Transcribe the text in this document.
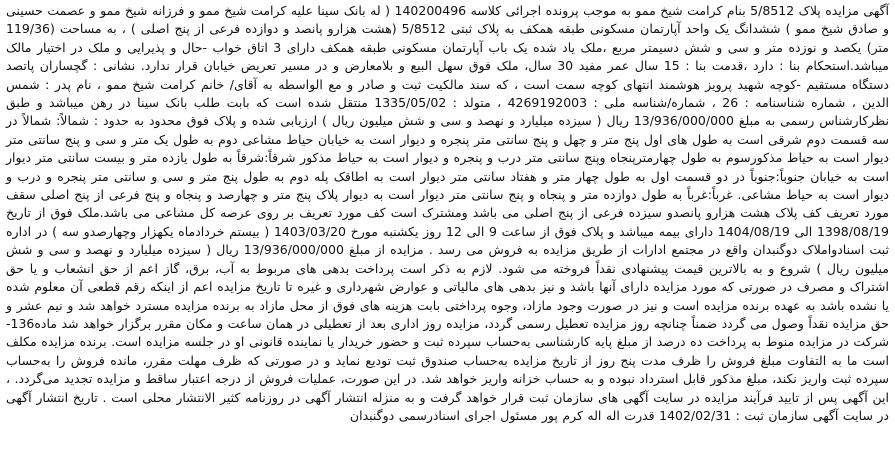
آگهی مزایده پلاک 5/8512 بنام کرامت شیخ ممو به موجب پرونده اجرائی کلاسه 140200496 ( له بانک سینا علیه کرامت شیخ ممو و فرزانه شیخ ممو و عصمت حسینی و صادق شیخ ممو ) ششدانگ یک واحد آپارتمان مسکونی طبقه همکف به پلاک ثبتی 5/8512 (هشت هزارو پانصد و دوازده فرعی از پنج اصلی ) ، به مساحت (119/36 متر) یکصد و نوزده متر و سی و شش دسیمتر مربع ،ملک یاد شده یک باب آپارتمان مسکونی طبقه همکف دارای 3 اتاق خواب -حال و پذیرایی و ملک در اختیار مالک میباشد.استحکام بنا : دارد ،قدمت بنا : 15 سال عمر مفید 30 سال، ملک فوق سهل البیع و بلامعارض و در مسیر تعریض خیابان قرار ندارد. نشانی : گچساران پاتصد دستگاه مستقیم -کوچه شهید پرویز هوشمند انتهای کوچه سمت است ، که سند مالکیت ثبت و صادر و مع الواسطه به آقای/ خانم کرامت شیخ ممو ، نام پدر : شمس الدین ، شماره شناسنامه : 26 ، شماره/شناسه ملی : 4269192003 ، متولد : 1335/05/02 منتقل شده است که بابت طلب بانک سینا در رهن میباشد و طبق نظرکارشناس رسمی به مبلغ 13/936/000/000 ریال ( سیزده میلیارد و نهصد و سی و شش میلیون ریال ) ارزیابی شده و پلاک فوق محدود به حدود : شمالاً: شمالاً در سه قسمت دوم شرقی است به طول های اول پنج متر و چهل و پنج سانتی متر پنجره و دیوار است به خیابان حیاط مشاعی دوم به طول یک متر و سی و پنج سانتی متر دیوار است به حیاط مذکورسوم به طول چهارمترپنجاه وپنج سانتی متر درب و پنجره و دیوار است به حیاط مذکور شرقاً:شرقاً به طول یازده متر و بیست سانتی متر دیوار است به خیابان جنوباً:جنوباً در دو قسمت اول به طول چهار متر و هفتاد سانتی متر دیوار است به اطاقک پله دوم به طول پنج متر و سی و سانتی متر پنجره و درب و دیوار است به حیاط مشاعی. غرباً:غرباً به طول دوازده متر و پنجاه و پنج سانتی متر دیوار است به دیوار پلاک پنج متر و چهارصد و پنجاه و پنج فرعی از پنج اصلی سقف مورد تعریف کف پلاک هشت هزارو پانصدو سیزده فرعی از پنج اصلی می باشد ومشترک است کف مورد تعریف بر روی عرصه کل مشاعی می باشد.ملک فوق از تاریخ 1398/08/19 الی 1404/08/19 دارای بیمه میباشد و پلاک فوق از ساعت 9 الی 12 روز یکشنبه مورخ 1403/03/20 ( بیستم خردادماه یکهزار وچهارصدو سه ) در اداره ثبت اسنادواملاک دوگنبدان واقع در مجتمع ادارات از طریق مزایده به فروش می رسد . مزایده از مبلغ 13/936/000/000 ریال ( سیزده میلیارد و نهصد و سی و شش میلیون ریال ) شروع و به بالاترین قیمت پیشنهادی نقداً فروخته می شود. لازم به ذکر است پرداخت بدهی های مربوط به آب، برق، گاز اعم از حق انشعاب و یا حق اشتراک و مصرف در صورتی که مورد مزایده دارای آنها باشد و نیز بدهی های مالیاتی و عوارض شهرداری و غیره تا تاریخ مزایده اعم از اینکه رقم قطعی آن معلوم شده یا نشده باشد به عهده برنده مزایده است و نیز در صورت وجود مازاد، وجوه پرداختی بابت هزینه های فوق از محل مازاد به برنده مزایده مسترد خواهد شد و نیم عشر و حق مزایده نقداً وصول می گردد ضمناً چنانچه روز مزایده تعطیل رسمی گردد، مزایده روز اداری بعد از تعطیلی در همان ساعت و مکان مقرر برگزار خواهد شد ماده136- شرکت در مزایده منوط به پرداخت ده درصد از مبلغ پایه کارشناسی به‌حساب سپرده ثبت و حضور خریدار یا نماینده قانونی او در جلسه مزایده است. برنده مزایده مکلف است ما به التفاوت مبلغ فروش را ظرف مدت پنج روز از تاریخ مزایده به‌حساب صندوق ثبت تودیع نماید و در صورتی که ظرف مهلت مقرر، مانده فروش را به‌حساب سپرده ثبت واریز نکند، مبلغ مذکور قابل استرداد نبوده و به حساب خزانه واریز خواهد شد. در این صورت، عملیات فروش از درجه اعتبار ساقط و مزایده تجدید می‌گردد. ، این آگهی پس از تایید فرآیند مزایده در سایت آگهی های سازمان ثبت قرار خواهد گرفت و به منزله انتشار آگهی در روزنامه کثیر الانتشار محلی است . تاریخ انتشار آگهی در سایت آگهی سازمان ثبت : 1402/02/31 قدرت اله اله کرم پور مسئول اجرای اسنادرسمی دوگنبدان
